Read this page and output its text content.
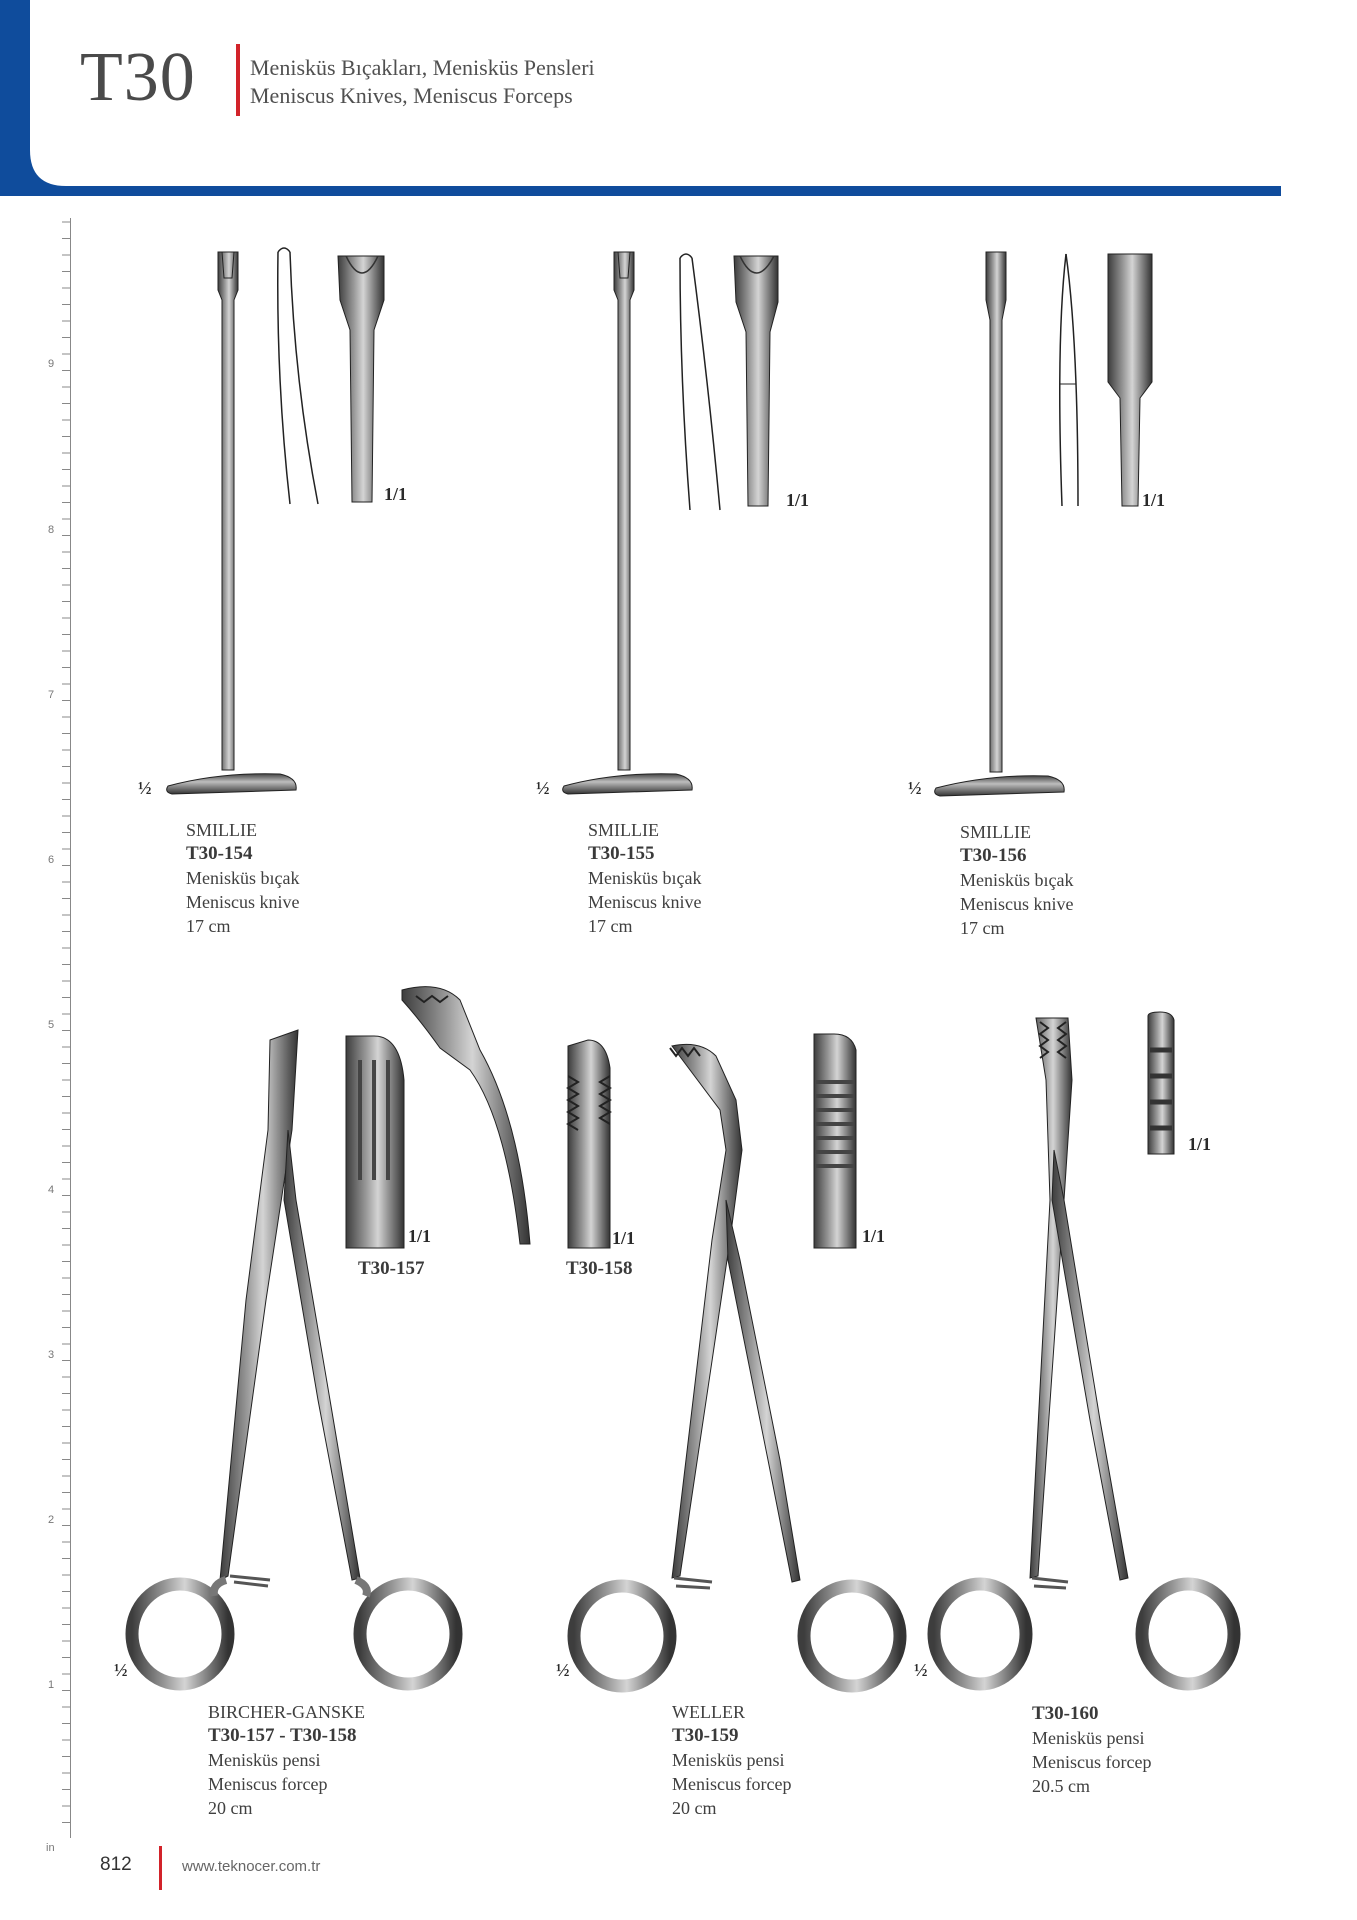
T30 Menisküs Bıçakları, Menisküs Pensleri
Meniscus Knives, Meniscus Forceps
9
8
7
6
5
4
3
2
1
in
½
1/1
½
1/1
½
1/1
1/1	1/1	1/1
1/1
½	½	½
T30-157	T30-158
SMILLIE
T30-154
Menisküs bıçak
Meniscus knive
17 cm
SMILLIE
T30-155
Menisküs bıçak
Meniscus knive
17 cm
SMILLIE
T30-156
Menisküs bıçak
Meniscus knive
17 cm
BIRCHER-GANSKE
T30-157 - T30-158
Menisküs pensi
Meniscus forcep
20 cm
WELLER
T30-159
Menisküs pensi
Meniscus forcep
20 cm
T30-160
Menisküs pensi
Meniscus forcep
20.5 cm
812	www.teknocer.com.tr
